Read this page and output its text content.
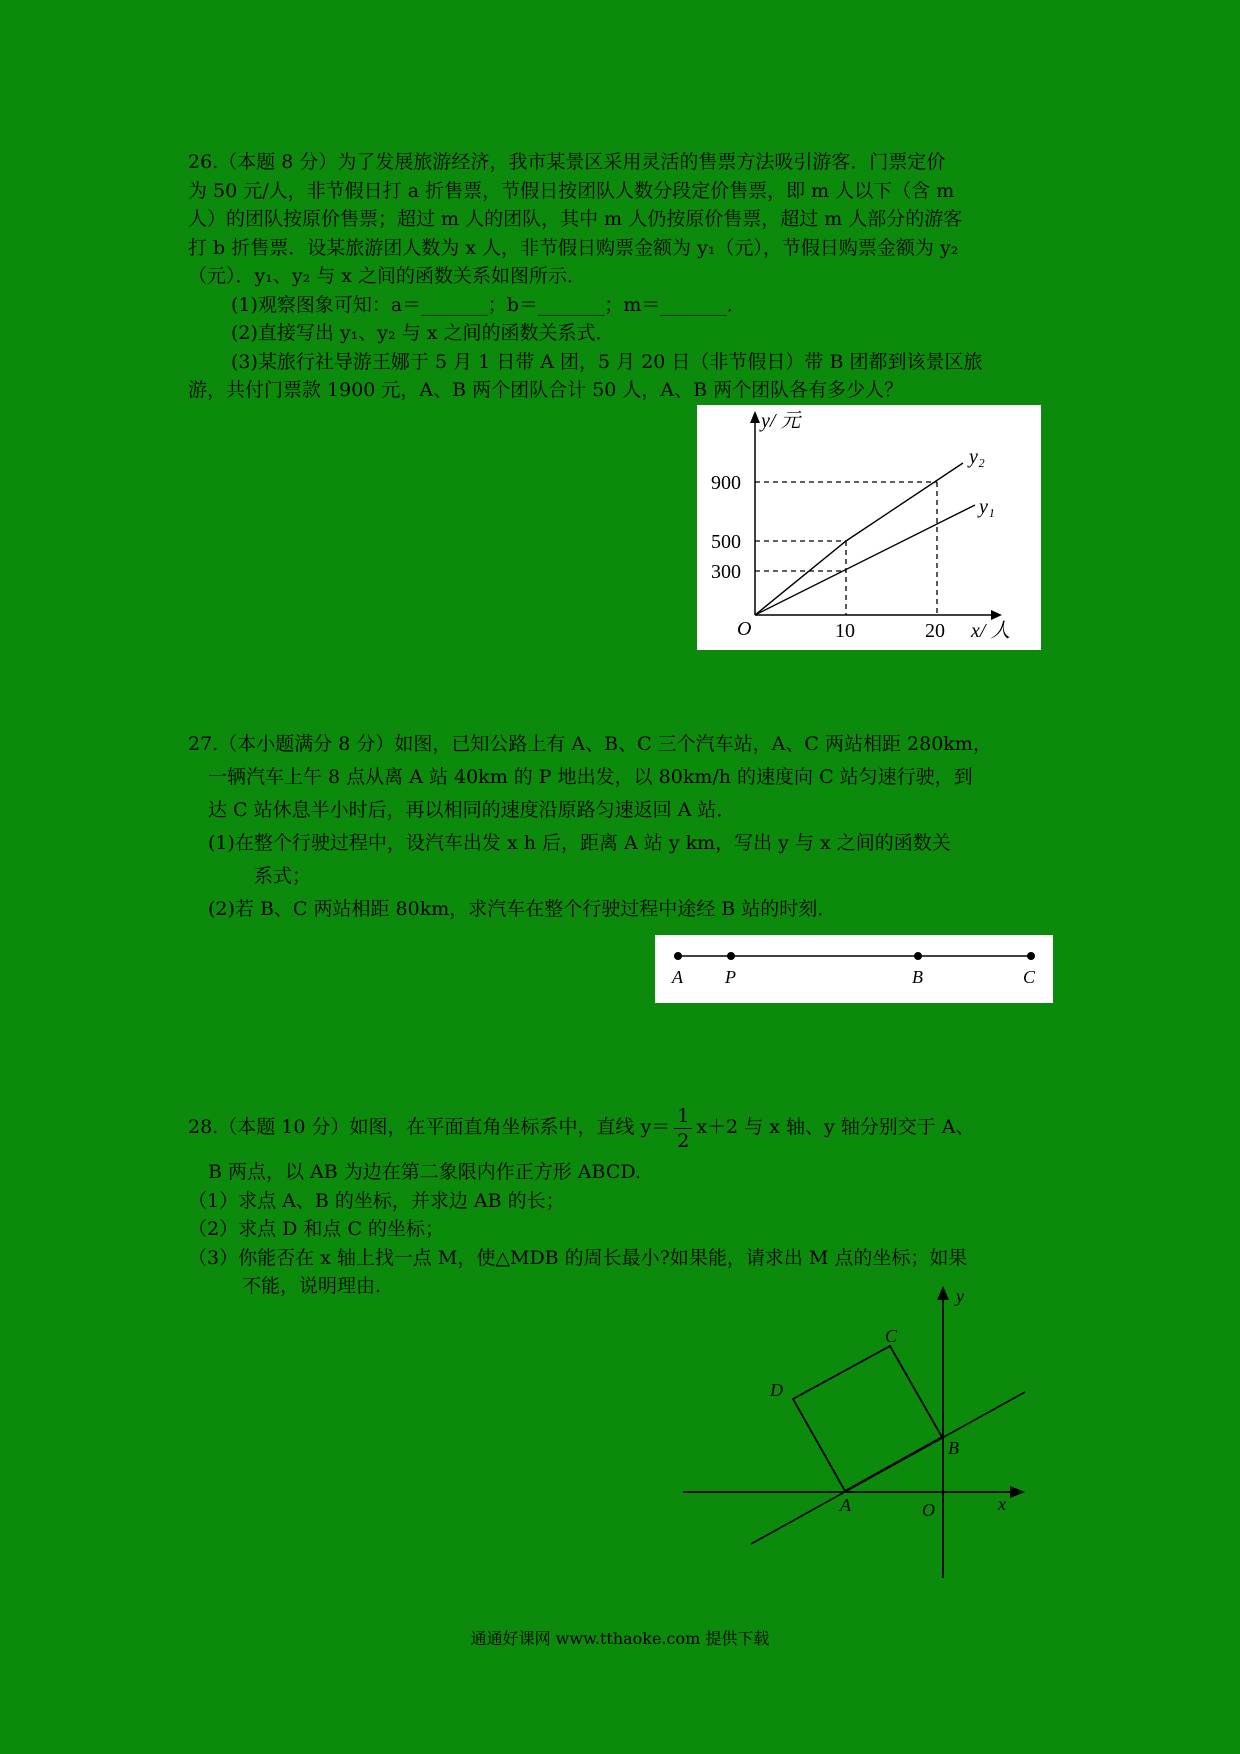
26.（本题 8 分）为了发展旅游经济，我市某景区采用灵活的售票方法吸引游客．门票定价
为 50 元/人，非节假日打 a 折售票，节假日按团队人数分段定价售票，即 m 人以下（含 m
人）的团队按原价售票；超过 m 人的团队，其中 m 人仍按原价售票，超过 m 人部分的游客
打 b 折售票．设某旅游团人数为 x 人，非节假日购票金额为 y₁（元），节假日购票金额为 y₂
（元）．y₁、y₂ 与 x 之间的函数关系如图所示．
(1)观察图象可知：a＝_______；b＝_______；m＝_______．
(2)直接写出 y₁、y₂ 与 x 之间的函数关系式．
(3)某旅行社导游王娜于 5 月 1 日带 A 团，5 月 20 日（非节假日）带 B 团都到该景区旅
游，共付门票款 1900 元，A、B 两个团队合计 50 人，A、B 两个团队各有多少人？
y/ 元
x/ 人
O
900
500
300
10	20
y₂
y₁
27.（本小题满分 8 分）如图，已知公路上有 A、B、C 三个汽车站，A、C 两站相距 280km，
一辆汽车上午 8 点从离 A 站 40km 的 P 地出发，以 80km/h 的速度向 C 站匀速行驶，到
达 C 站休息半小时后，再以相同的速度沿原路匀速返回 A 站．
(1)在整个行驶过程中，设汽车出发 x h 后，距离 A 站 y km，写出 y 与 x 之间的函数关
系式；
(2)若 B、C 两站相距 80km，求汽车在整个行驶过程中途经 B 站的时刻．
A P	B	C
28.（本题 10 分）如图，在平面直角坐标系中，直线 $y= \frac{1}{2} x+2$ 与 x 轴、y 轴分别交于 A、
B 两点，以 AB 为边在第二象限内作正方形 ABCD.
（1）求点 A、B 的坐标，并求边 AB 的长；
（2）求点 D 和点 C 的坐标；
（3）你能否在 x 轴上找一点 M，使△MDB 的周长最小?如果能，请求出 M 点的坐标；如果
不能，说明理由.
A
B
C
D
O	x
y
通通好课网 www.tthaoke.com 提供下载
